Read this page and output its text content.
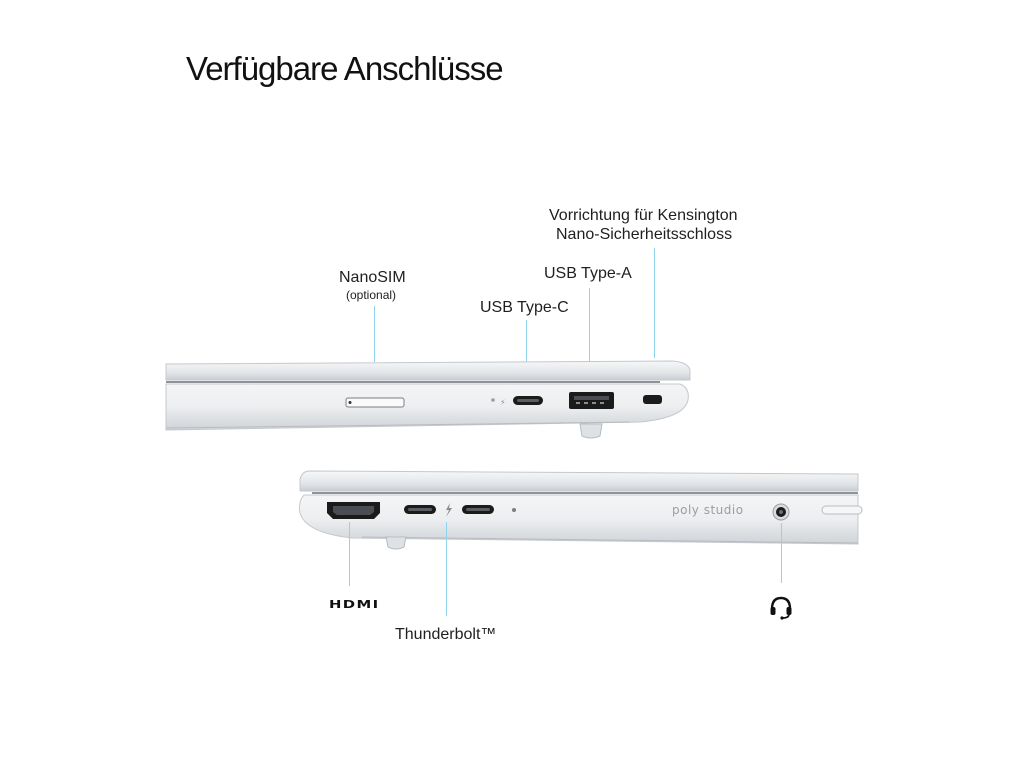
Verfügbare Anschlüsse
Vorrichtung für Kensington
Nano-Sicherheitsschloss
USB Type-A
NanoSIM
(optional)
USB Type-C
⚡
poly studio
HDMI
Thunderbolt™
